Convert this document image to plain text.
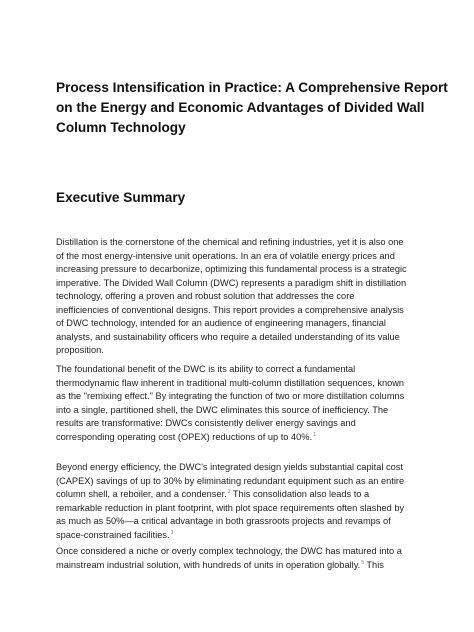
Process Intensification in Practice: A Comprehensive Report
on the Energy and Economic Advantages of Divided Wall
Column Technology
Executive Summary
Distillation is the cornerstone of the chemical and refining industries, yet it is also one
of the most energy-intensive unit operations. In an era of volatile energy prices and
increasing pressure to decarbonize, optimizing this fundamental process is a strategic
imperative. The Divided Wall Column (DWC) represents a paradigm shift in distillation
technology, offering a proven and robust solution that addresses the core
inefficiencies of conventional designs. This report provides a comprehensive analysis
of DWC technology, intended for an audience of engineering managers, financial
analysts, and sustainability officers who require a detailed understanding of its value
proposition.
The foundational benefit of the DWC is its ability to correct a fundamental
thermodynamic flaw inherent in traditional multi-column distillation sequences, known
as the "remixing effect." By integrating the function of two or more distillation columns
into a single, partitioned shell, the DWC eliminates this source of inefficiency. The
results are transformative: DWCs consistently deliver energy savings and
corresponding operating cost (OPEX) reductions of up to 40%.$^1$
Beyond energy efficiency, the DWC's integrated design yields substantial capital cost
(CAPEX) savings of up to 30% by eliminating redundant equipment such as an entire
column shell, a reboiler, and a condenser.$^2$ This consolidation also leads to a
remarkable reduction in plant footprint, with plot space requirements often slashed by
as much as 50%—a critical advantage in both grassroots projects and revamps of
space-constrained facilities.$^3$
Once considered a niche or overly complex technology, the DWC has matured into a
mainstream industrial solution, with hundreds of units in operation globally.$^5$ This
